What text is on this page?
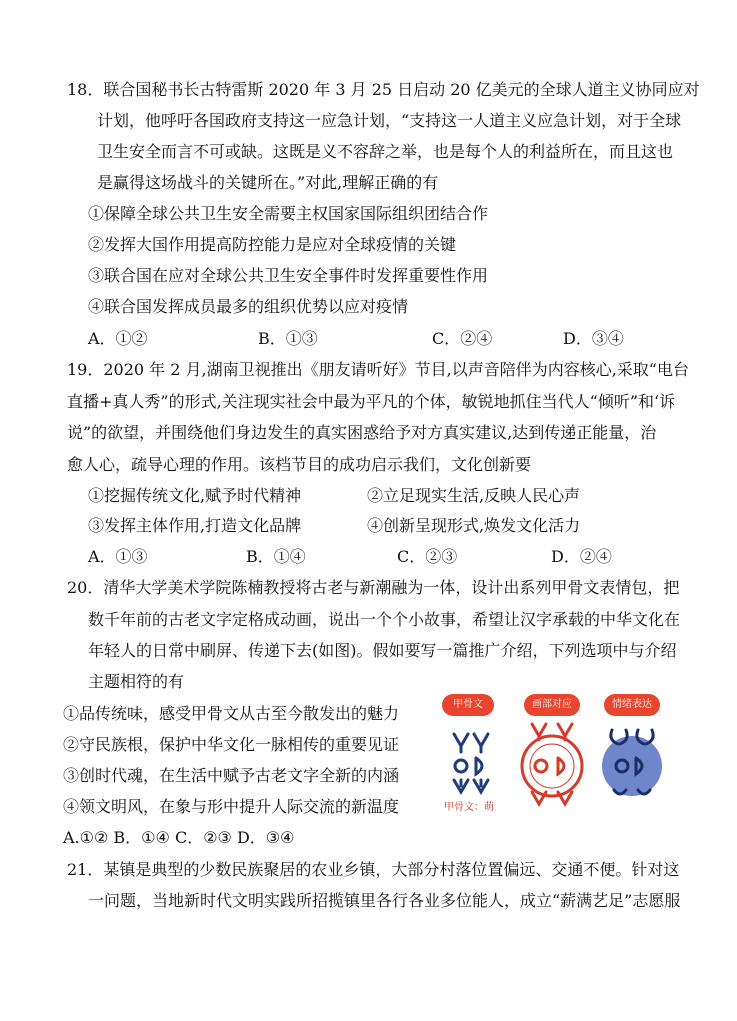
18．联合国秘书长古特雷斯 2020 年 3 月 25 日启动 20 亿美元的全球人道主义协同应对
计划，他呼吁各国政府支持这一应急计划，“支持这一人道主义应急计划，对于全球
卫生安全而言不可或缺。这既是义不容辞之举，也是每个人的利益所在，而且这也
是赢得这场战斗的关键所在。”对此,理解正确的有
①保障全球公共卫生安全需要主权国家国际组织团结合作
②发挥大国作用提高防控能力是应对全球疫情的关键
③联合国在应对全球公共卫生安全事件时发挥重要性作用
④联合国发挥成员最多的组织优势以应对疫情
A．①②	B．①③	C．②④	D．③④
19．2020 年 2 月,湖南卫视推出《朋友请听好》节目,以声音陪伴为内容核心,采取“电台
直播+真人秀”的形式,关注现实社会中最为平凡的个体，敏锐地抓住当代人“倾听”和‘诉
说”的欲望，并围绕他们身边发生的真实困惑给予对方真实建议,达到传递正能量，治
愈人心，疏导心理的作用。该档节目的成功启示我们，文化创新要
①挖掘传统文化,赋予时代精神	②立足现实生活,反映人民心声
③发挥主体作用,打造文化品牌	④创新呈现形式,焕发文化活力
A．①③	B．①④	C．②③	D．②④
20．清华大学美术学院陈楠教授将古老与新潮融为一体，设计出系列甲骨文表情包，把
数千年前的古老文字定格成动画，说出一个个小故事，希望让汉字承载的中华文化在
年轻人的日常中刷屏、传递下去(如图)。假如要写一篇推广介绍，下列选项中与介绍
主题相符的有
①品传统味，感受甲骨文从古至今散发出的魅力
②守民族根，保护中华文化一脉相传的重要见证
③创时代魂，在生活中赋予古老文字全新的内涵
④领文明风，在象与形中提升人际交流的新温度
A.①② B．①④ C．②③ D．③④
甲骨文	画部对应	情绪表达
甲骨文：萌
21．某镇是典型的少数民族聚居的农业乡镇，大部分村落位置偏远、交通不便。针对这
一问题，当地新时代文明实践所招揽镇里各行各业多位能人，成立“薪满艺足”志愿服
